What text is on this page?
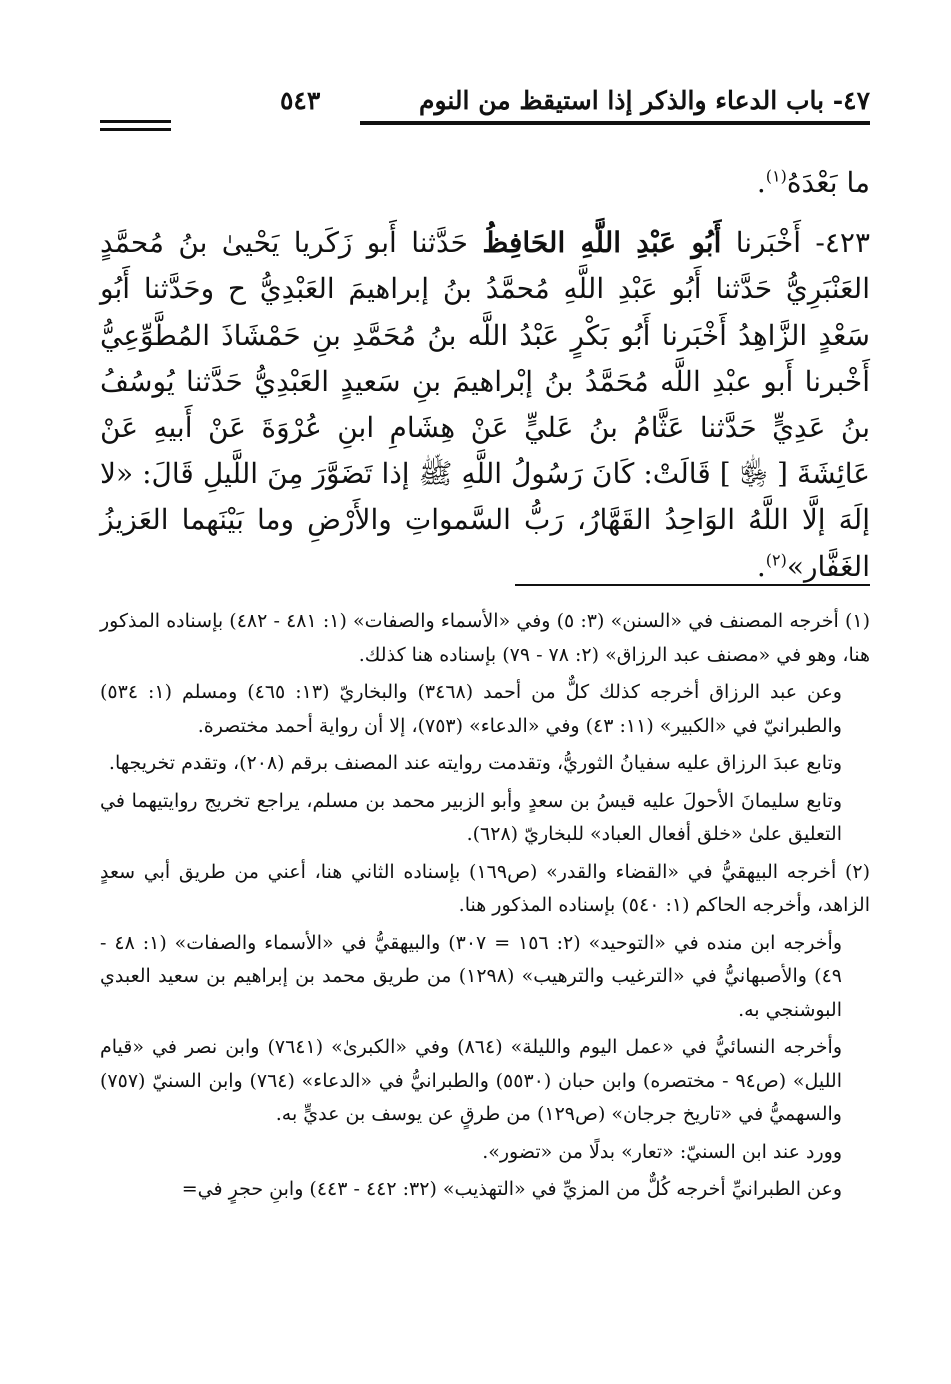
٤٧- باب الدعاء والذكر إذا استيقظ من النوم
٥٤٣

ما بَعْدَهُ$^{(١)}$.

٤٢٣- أَخْبَرنا أَبُو عَبْدِ اللَّهِ الحَافِظُ حَدَّثنا أَبو زَكَريا يَحْيىٰ بنُ مُحمَّدٍ العَنْبَرِيُّ حَدَّثنا أَبُو عَبْدِ اللَّهِ مُحمَّدُ بنُ إبراهيمَ العَبْدِيُّ ح وحَدَّثنا أَبُو سَعْدٍ الزَّاهِدُ أَخْبَرنا أَبُو بَكْرٍ عَبْدُ اللَّه بنُ مُحَمَّدِ بنِ حَمْشَاذَ المُطَّوِّعِيُّ أَخْبرنا أَبو عبْدِ اللَّه مُحَمَّدُ بنُ إبْراهيمَ بنِ سَعيدٍ العَبْدِيُّ حَدَّثنا يُوسُفُ بنُ عَدِيٍّ حَدَّثنا عَثَّامُ بنُ عَليٍّ عَنْ هِشَامِ ابنِ عُرْوَةَ عَنْ أَبيهِ عَنْ عَائِشَةَ [ ﵂ ] قَالَتْ: كَانَ رَسُولُ اللَّهِ ﷺ إذا تَضَوَّرَ مِنَ اللَّيلِ قَالَ: «لا إلَهَ إلَّا اللَّهُ الوَاحِدُ القَهَّارُ، رَبُّ السَّمواتِ والأَرْضِ وما بَيْنَهما العَزيزُ الغَفَّار»$^{(٢)}$.

(١) أخرجه المصنف في «السنن» (٣: ٥) وفي «الأسماء والصفات» (١: ٤٨١ - ٤٨٢) بإسناده المذكور هنا، وهو في «مصنف عبد الرزاق» (٢: ٧٨ - ٧٩) بإسناده هنا كذلك.

وعن عبد الرزاق أخرجه كذلك كلٌّ من أحمد (٣٤٦٨) والبخاريّ (١٣: ٤٦٥) ومسلم (١: ٥٣٤) والطبرانيّ في «الكبير» (١١: ٤٣) وفي «الدعاء» (٧٥٣)، إلا أن رواية أحمد مختصرة.

وتابع عبدَ الرزاق عليه سفيانُ الثوريُّ، وتقدمت روايته عند المصنف برقم (٢٠٨)، وتقدم تخريجها.

وتابع سليمانَ الأحولَ عليه قيسُ بن سعدٍ وأبو الزبير محمد بن مسلم، يراجع تخريج روايتيهما في التعليق علىٰ «خلق أفعال العباد» للبخاريّ (٦٢٨).

(٢) أخرجه البيهقيُّ في «القضاء والقدر» (ص١٦٩) بإسناده الثاني هنا، أعني من طريق أبي سعدٍ الزاهد، وأخرجه الحاكم (١: ٥٤٠) بإسناده المذكور هنا.

وأخرجه ابن منده في «التوحيد» (٢: ١٥٦ = ٣٠٧) والبيهقيُّ في «الأسماء والصفات» (١: ٤٨ - ٤٩) والأصبهانيُّ في «الترغيب والترهيب» (١٢٩٨) من طريق محمد بن إبراهيم بن سعيد العبدي البوشنجي به.

وأخرجه النسائيُّ في «عمل اليوم والليلة» (٨٦٤) وفي «الكبرىٰ» (٧٦٤١) وابن نصر في «قيام الليل» (ص٩٤ - مختصره) وابن حبان (٥٥٣٠) والطبرانيُّ في «الدعاء» (٧٦٤) وابن السنيّ (٧٥٧) والسهميُّ في «تاريخ جرجان» (ص١٢٩) من طرقٍ عن يوسف بن عديٍّ به.

وورد عند ابن السنيّ: «تعار» بدلًا من «تضور».

وعن الطبرانيِّ أخرجه كُلٌّ من المزيِّ في «التهذيب» (٣٢: ٤٤٢ - ٤٤٣) وابنِ حجرٍ في=
